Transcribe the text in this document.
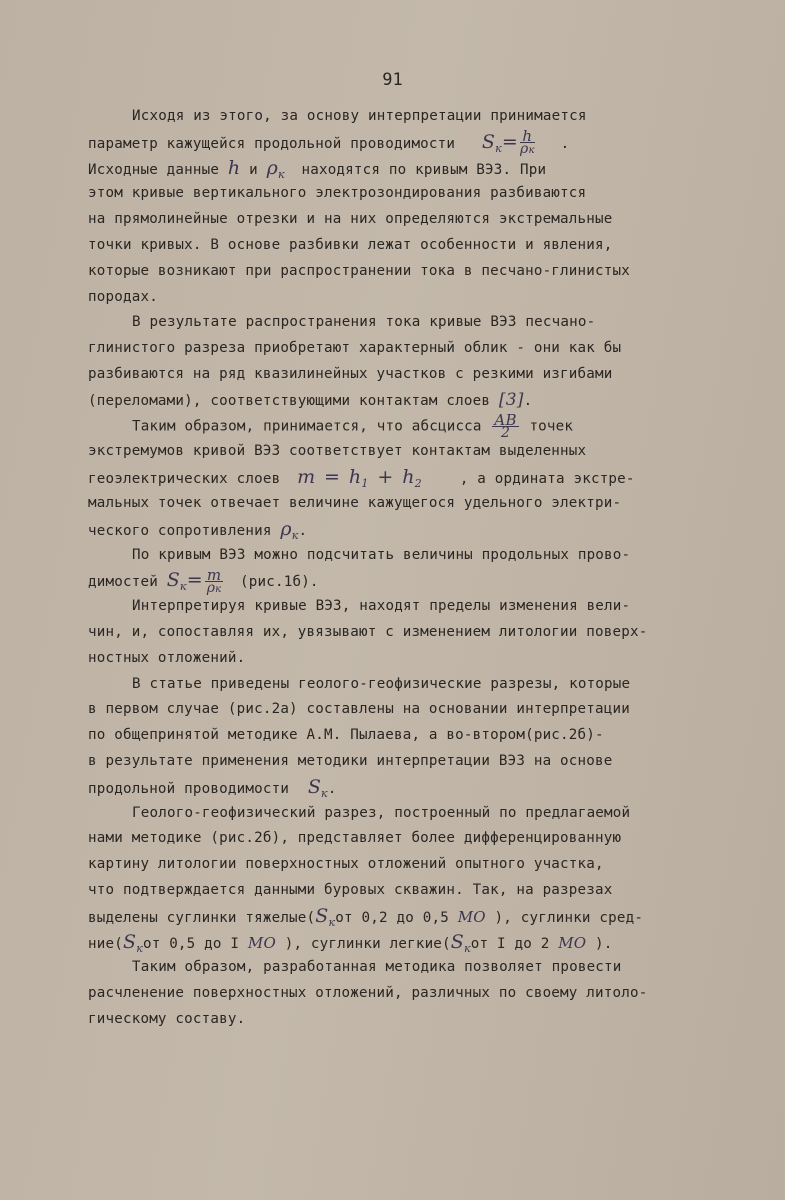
91
Исходя из этого, за основу интерпретации принимается
параметр кажущейся продольной проводимости $S_к= \frac{h}{\rho к}$ .
Исходные данные h и $\rho_к$ находятся по кривым ВЭЗ. При
этом кривые вертикального электрозондирования разбиваются
на прямолинейные отрезки и на них определяются экстремальные
точки кривых. В основе разбивки лежат особенности и явления,
которые возникают при распространении тока в песчано-глинистых
породах.
В результате распространения тока кривые ВЭЗ песчано-
глинистого разреза приобретают характерный облик - они как бы
разбиваются на ряд квазилинейных участков с резкими изгибами
(переломами), соответствующими контактам слоев [3].
Таким образом, принимается, что абсцисса $\frac{AB}{2}$ точек
экстремумов кривой ВЭЗ соответствует контактам выделенных
геоэлектрических слоев $m = h_1 + h_2$	, а ордината экстре-
мальных точек отвечает величине кажущегося удельного электри-
ческого сопротивления $\rho_к$.
По кривым ВЭЗ можно подсчитать величины продольных прово-
димостей $S_к= \frac{m}{\rho к} (рис.1б)$.
Интерпретируя кривые ВЭЗ, находят пределы изменения вели-
чин, и, сопоставляя их, увязывают с изменением литологии поверх-
ностных отложений.
В статье приведены геолого-геофизические разрезы, которые
в первом случае (рис.2а) составлены на основании интерпретации
по общепринятой методике А.М. Пылаева, а во-втором(рис.2б)-
в результате применения методики интерпретации ВЭЗ на основе
продольной проводимости $S_к$.
Геолого-геофизический разрез, построенный по предлагаемой
нами методике (рис.2б), представляет более дифференцированную
картину литологии поверхностных отложений опытного участка,
что подтверждается данными буровых скважин. Так, на разрезах
выделены суглинки $тяжелые(S_кот$ 0,2 до 0,5 МО ), суглинки сред-
$ние(S_кот$ 0,5 до I МО ), суглинки $легкие(S_кот$ I до 2 МО ).
Таким образом, разработанная методика позволяет провести
расчленение поверхностных отложений, различных по своему литоло-
гическому составу.
